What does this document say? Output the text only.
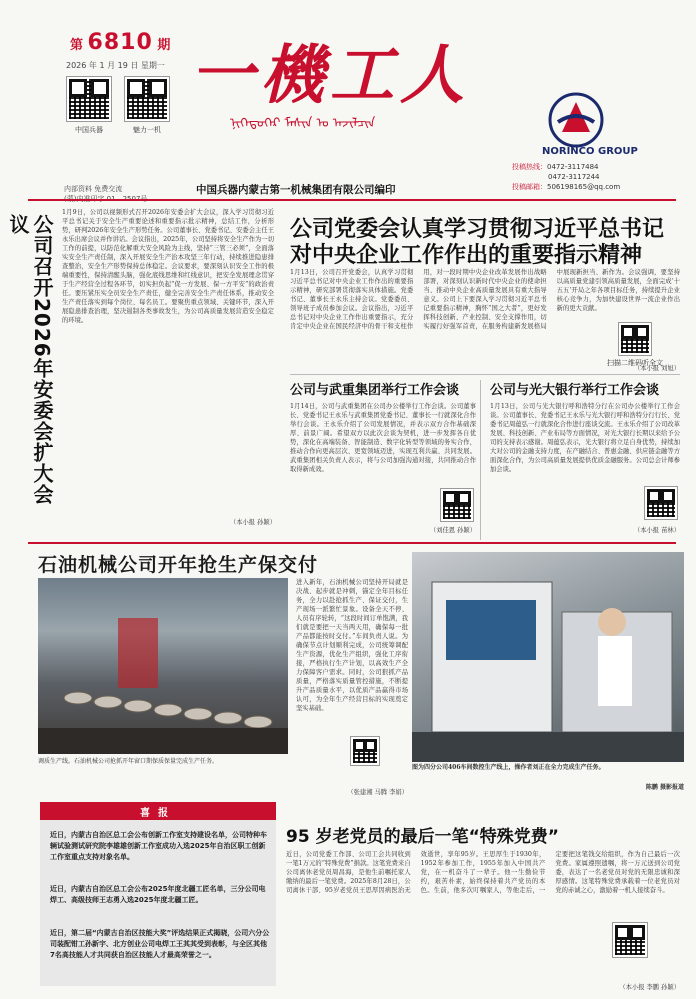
第 6810 期
2026 年 1 月 19 日 星期一
中国兵器	魅力一机
一機工人
ᠨᠢᠭᠡᠳᠦᠭᠡᠷ ᠮᠠᠰᠢᠨ ᠤ ᠠᠵᠢᠯᠴᠢᠨ
NORINCO GROUP
投稿热线：0472-3117484
0472-3117244
投稿邮箱：506198165@qq.com
内部资料 免费交流	中国兵器内蒙古第一机械集团有限公司编印
公司召开2026年安委会扩大会议
1月9日，公司以视频形式召开2026年安委会扩大会议，深入学习贯彻习近平总书记关于安全生产重要论述和重要指示批示精神，总结工作，分析形势，研判2026年安全生产形势任务。公司董事长、党委书记、安委会主任王永乐出席会议并作讲话。会议指出，2025年，公司坚持将安全生产作为一切工作的前提，以防范化解重大安全风险为主线，坚持“三管三必须”，全面落实安全生产责任制，深入开展安全生产治本攻坚三年行动，持续推进隐患排查整治，安全生产形势保持总体稳定。会议要求，要深刻认识安全工作的极端重要性，保持清醒头脑，强化底线思维和红线意识，把安全发展理念贯穿于生产经营全过程各环节，切实担负起“促一方发展、保一方平安”的政治责任。要压紧压实全员安全生产责任，健全完善安全生产责任体系，推动安全生产责任落实到每个岗位、每名员工。要聚焦重点领域、关键环节，深入开展隐患排查治理，坚决遏制各类事故发生，为公司高质量发展营造安全稳定的环境。
（本小报 孙颖）
公司党委会认真学习贯彻习近平总书记
对中央企业工作作出的重要指示精神
1月13日，公司召开党委会，认真学习贯彻习近平总书记对中央企业工作作出的重要指示精神，研究部署贯彻落实具体措施。党委书记、董事长王永乐主持会议。党委委员、领导班子成员参加会议。会议指出，习近平总书记对中央企业工作作出重要指示，充分肯定中央企业在国民经济中的骨干和支柱作用，对一段时期中央企业改革发展作出战略部署，对深刻认识新时代中央企业的使命担当、推动中央企业高质量发展具有重大指导意义。公司上下要深入学习贯彻习近平总书记重要指示精神，胸怀“国之大者”，更好发挥科技创新、产业控制、安全支撑作用，切实履行好强军首责，在服务构建新发展格局中展现新担当、新作为。会议强调，要坚持以高质量党建引领高质量发展，全面完成‘十五五’开局之年各项目标任务，持续提升企业核心竞争力，为加快建设世界一流企业作出新的更大贡献。
扫描二维码听全文
（本小报 刘旭）
公司与武重集团举行工作会谈
1月14日，公司与武重集团在公司办公楼举行工作会谈。公司董事长、党委书记王永乐与武重集团党委书记、董事长一行就深化合作举行会谈。王永乐介绍了公司发展情况，并表示双方合作基础深厚、前景广阔。希望双方以此次会谈为契机，进一步发挥各自优势，深化在高端装备、智能制造、数字化转型等领域的务实合作，推动合作向更高层次、更宽领域迈进，实现互利共赢、共同发展。武重集团相关负责人表示，将与公司加强沟通对接，共同推动合作取得新成效。
（刘佳恩 孙颖）
公司与光大银行举行工作会谈
1月13日，公司与光大银行呼和浩特分行在公司办公楼举行工作会谈。公司董事长、党委书记王永乐与光大银行呼和浩特分行行长、党委书记周蕴弘一行就深化合作进行座谈交流。王永乐介绍了公司改革发展、科技创新、产业布局等方面情况，对光大银行长期以来给予公司的支持表示感谢。周蕴弘表示，光大银行将立足自身优势，持续加大对公司的金融支持力度，在产融结合、普惠金融、供应链金融等方面深化合作，为公司高质量发展提供优质金融服务。公司总会计师参加会谈。
（本小报 苗林）
石油机械公司开年抢生产保交付
调质生产线。石油机械公司抢抓开年窗口期保质保量完成生产任务。
进入新年，石油机械公司坚持开局就是决战、起步就是冲刺，锚定全年目标任务，全力以赴抢抓生产、保证交付，生产现场一派繁忙景象。设备全天不停、人员有序轮转，“这段时间订单饱满，我们就是要把一天当两天用，确保每一批产品都能按时交付。”车间负责人说。为确保节点计划顺利完成，公司统筹调配生产资源，优化生产组织，强化工序衔接，严格执行生产计划，以高效生产全力保障客户需求。同时，公司狠抓产品质量，严格落实质量管控措施，不断提升产品质量水平，以优质产品赢得市场认可，为全年生产经营目标的实现奠定坚实基础。
（张建湘 马腾 李娟）
图为四分公司406车间数控生产线上，操作者刘正在全力完成生产任务。
陈鹏 摄影报道
喜报
近日，内蒙古自治区总工会公布创新工作室支持建设名单，公司特种车辆试验测试研究院李雄雄创新工作室成功入选2025年自治区职工创新工作室重点支持对象名单。
近日，内蒙古自治区总工会公布2025年度北疆工匠名单，三分公司电焊工、高级技师王志勇入选2025年度北疆工匠。
近日，第二届“内蒙古自治区技能大奖”评选结果正式揭晓，公司六分公司装配钳工孙新宇、北方创业公司电焊工王其其受到表彰，与全区其他7名高技能人才共同获自治区技能人才最高荣誉之一。
95 岁老党员的最后一笔“特殊党费”
近日，公司党委工作部、公司工会共同收到一笔1万元的“特殊党费”捐款。这笔党费来自公司离休老党员周昌海，是他生前嘱托家人缴纳的最后一笔党费。2025年8月28日，公司离休干部、95岁老党员王思厚因病医治无效逝世，享年95岁。王思厚生于1930年，1952年参加工作，1955年加入中国共产党，在一机奋斗了一辈子。他一生勤俭节约，艰苦朴素，始终保持着共产党员的本色。生前，他多次叮嘱家人，等他走后，一定要把这笔钱交给组织，作为自己最后一次党费。家属遵照遗嘱，将一万元送到公司党委，表达了一名老党员对党的无限忠诚和深厚感情。这笔特殊党费承载着一位老党员对党的赤诚之心，激励着一机人接续奋斗。
（本小报 李鹏 孙颖）
